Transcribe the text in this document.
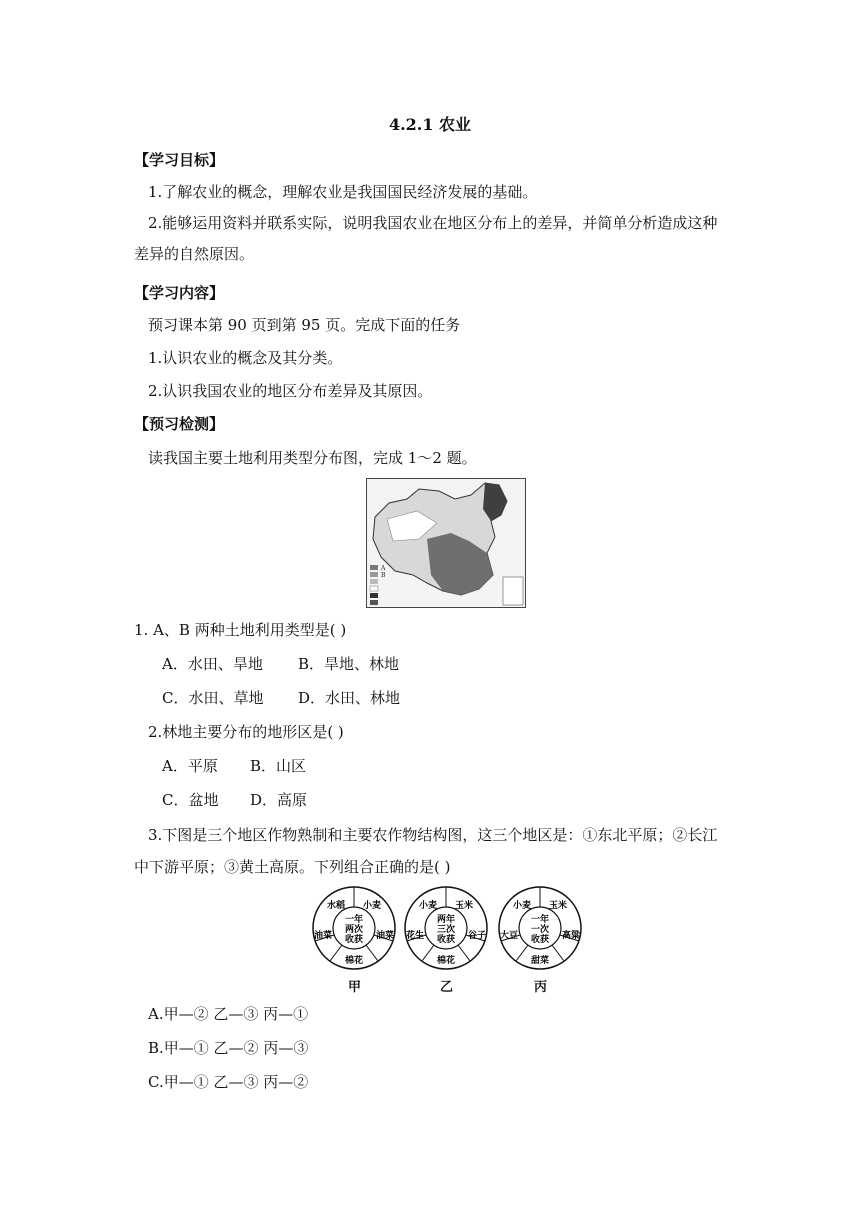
4.2.1 农业
【学习目标】
1.了解农业的概念，理解农业是我国国民经济发展的基础。
2.能够运用资料并联系实际，说明我国农业在地区分布上的差异，并简单分析造成这种
差异的自然原因。
【学习内容】
预习课本第 90 页到第 95 页。完成下面的任务
1.认识农业的概念及其分类。
2.认识我国农业的地区分布差异及其原因。
【预习检测】
读我国主要土地利用类型分布图，完成 1～2 题。
A
B
1. A、B 两种土地利用类型是( )
A．水田、旱地 B．旱地、林地
C．水田、草地 D．水田、林地
2.林地主要分布的地形区是( )
A．平原 B．山区
C．盆地 D．高原
3.下图是三个地区作物熟制和主要农作物结构图，这三个地区是：①东北平原；②长江
中下游平原；③黄土高原。下列组合正确的是( )
一年
两次
收获
水稻 小麦
油菜
棉花
油菜
两年
三次
收获
小麦 玉米
谷子
棉花
花生
一年
一次
收获
小麦 玉米
高粱
甜菜
大豆
甲	乙	丙
A.甲—② 乙—③ 丙—①
B.甲—① 乙—② 丙—③
C.甲—① 乙—③ 丙—②
